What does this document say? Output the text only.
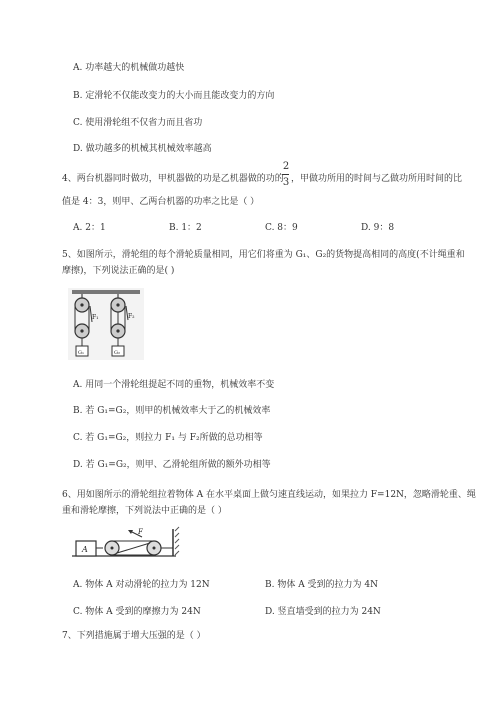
A. 功率越大的机械做功越快
B. 定滑轮不仅能改变力的大小而且能改变力的方向
C. 使用滑轮组不仅省力而且省功
D. 做功越多的机械其机械效率越高
4、两台机器同时做功，甲机器做的功是乙机器做的功的
2
3 ，甲做功所用的时间与乙做功所用时间的比
值是 4：3，则甲、乙两台机器的功率之比是（ ）
A. 2：1	B. 1：2	C. 8：9	D. 9：8
5、如图所示，滑轮组的每个滑轮质量相同，用它们将重为 G₁、G₂的货物提高相同的高度(不计绳重和
摩擦)，下列说法正确的是( )
F₁	F₂
G₁	G₂
A. 用同一个滑轮组提起不同的重物，机械效率不变
B. 若 G₁=G₂，则甲的机械效率大于乙的机械效率
C. 若 G₁=G₂，则拉力 F₁ 与 F₂所做的总功相等
D. 若 G₁=G₂，则甲、乙滑轮组所做的额外功相等
6、用如图所示的滑轮组拉着物体 A 在水平桌面上做匀速直线运动，如果拉力 F=12N，忽略滑轮重、绳
重和滑轮摩擦，下列说法中正确的是（ ）
A
F
A. 物体 A 对动滑轮的拉力为 12N	B. 物体 A 受到的拉力为 4N
C. 物体 A 受到的摩擦力为 24N	D. 竖直墙受到的拉力为 24N
7、下列措施属于增大压强的是（ ）
